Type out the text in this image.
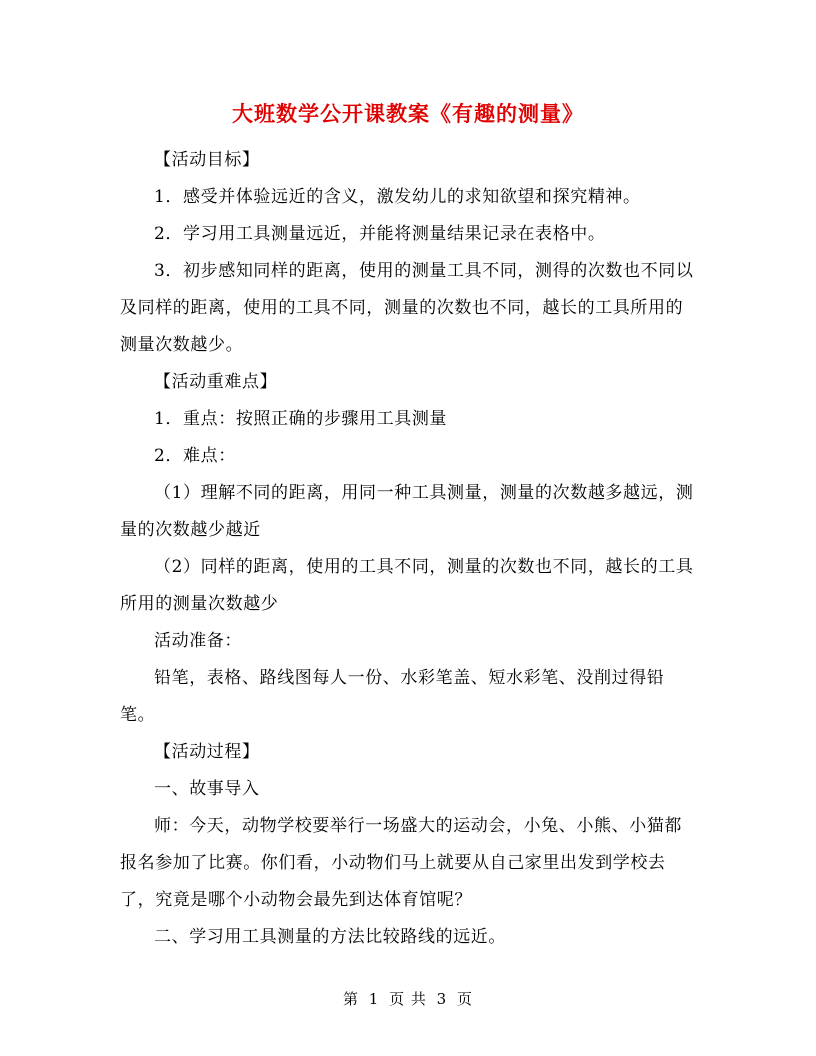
大班数学公开课教案《有趣的测量》

【活动目标】

1．感受并体验远近的含义，激发幼儿的求知欲望和探究精神。

2．学习用工具测量远近，并能将测量结果记录在表格中。

3．初步感知同样的距离，使用的测量工具不同，测得的次数也不同以及同样的距离，使用的工具不同，测量的次数也不同，越长的工具所用的测量次数越少。

【活动重难点】

1．重点：按照正确的步骤用工具测量

2．难点：

（1）理解不同的距离，用同一种工具测量，测量的次数越多越远，测量的次数越少越近

（2）同样的距离，使用的工具不同，测量的次数也不同，越长的工具所用的测量次数越少

活动准备：

铅笔，表格、路线图每人一份、水彩笔盖、短水彩笔、没削过得铅笔。

【活动过程】

一、故事导入

师：今天，动物学校要举行一场盛大的运动会，小兔、小熊、小猫都报名参加了比赛。你们看，小动物们马上就要从自己家里出发到学校去了，究竟是哪个小动物会最先到达体育馆呢？

二、学习用工具测量的方法比较路线的远近。

第 1 页 共 3 页
